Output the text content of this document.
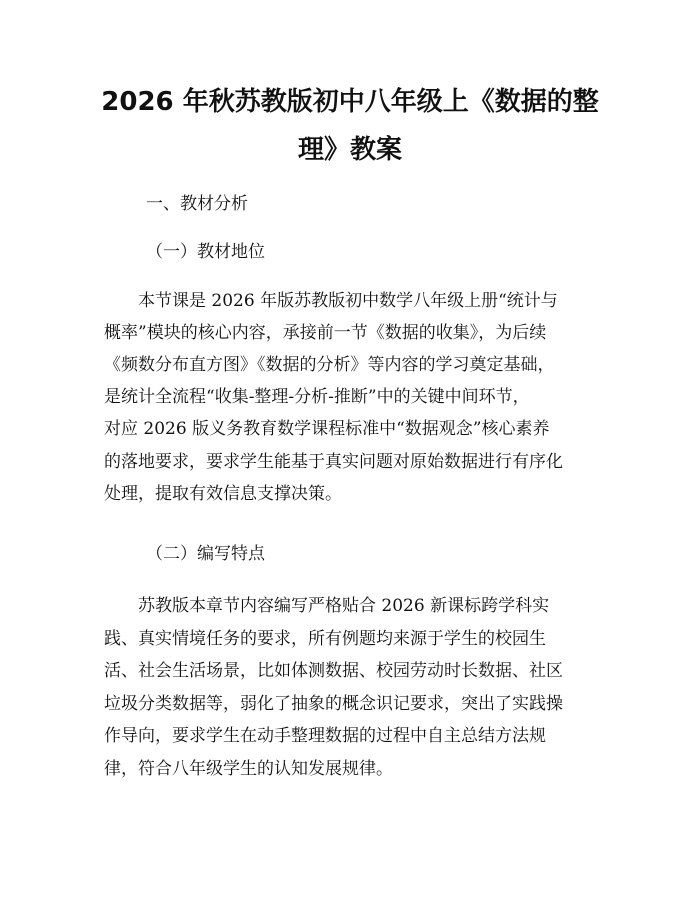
2026 年秋苏教版初中八年级上《数据的整
理》教案

一、教材分析

（一）教材地位

本节课是 2026 年版苏教版初中数学八年级上册“统计与

概率”模块的核心内容，承接前一节《数据的收集》，为后续

《频数分布直方图》《数据的分析》等内容的学习奠定基础，

是统计全流程“收集-整理-分析-推断”中的关键中间环节，

对应 2026 版义务教育数学课程标准中“数据观念”核心素养

的落地要求，要求学生能基于真实问题对原始数据进行有序化

处理，提取有效信息支撑决策。

（二）编写特点

苏教版本章节内容编写严格贴合 2026 新课标跨学科实

践、真实情境任务的要求，所有例题均来源于学生的校园生

活、社会生活场景，比如体测数据、校园劳动时长数据、社区

垃圾分类数据等，弱化了抽象的概念识记要求，突出了实践操

作导向，要求学生在动手整理数据的过程中自主总结方法规

律，符合八年级学生的认知发展规律。
